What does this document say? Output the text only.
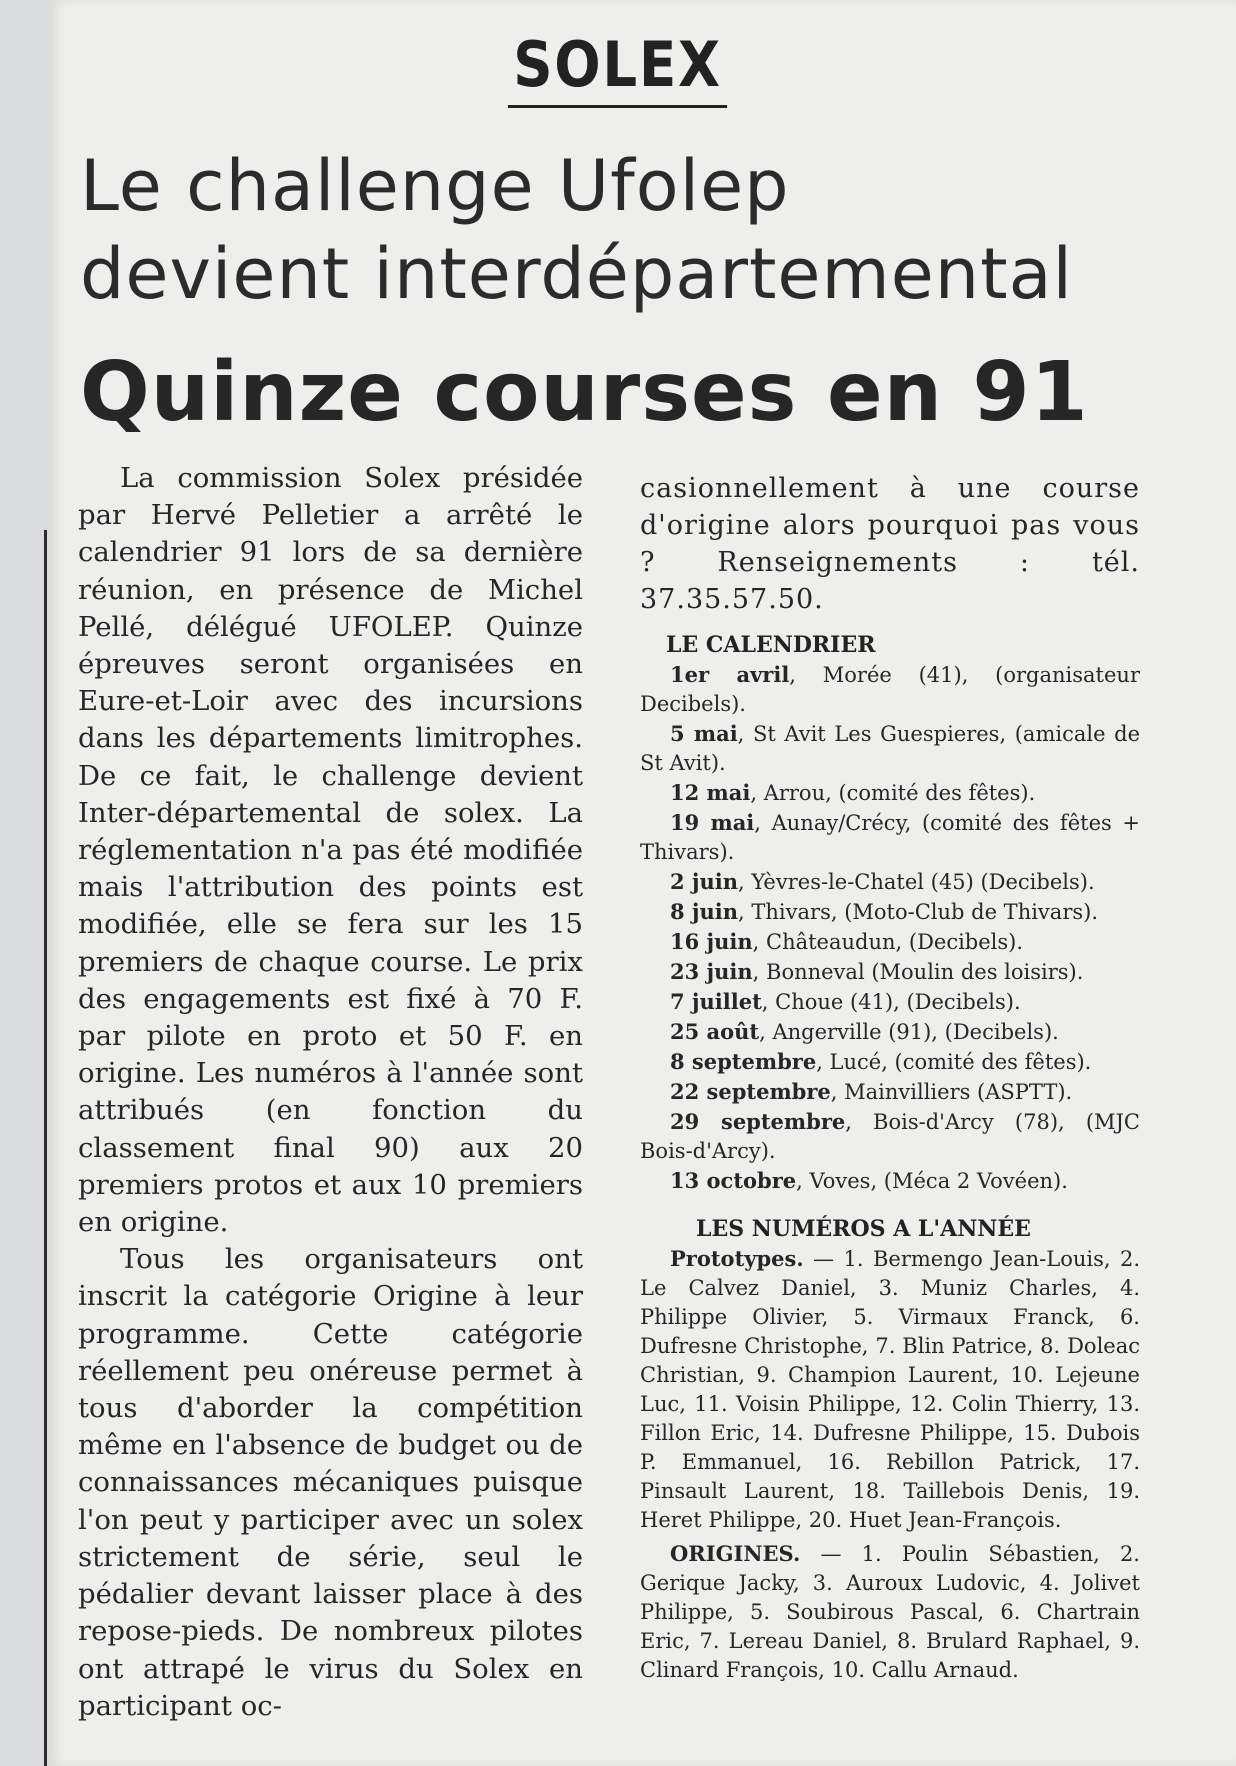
SOLEX
Le challenge Ufolep
devient interdépartemental
Quinze courses en 91

La commission Solex présidée par Hervé Pelletier a arrêté le calendrier 91 lors de sa dernière réunion, en présence de Michel Pellé, délégué UFOLEP. Quinze épreuves seront organisées en Eure-et-Loir avec des incursions dans les départements limitrophes. De ce fait, le challenge devient Inter-départemental de solex. La réglementation n'a pas été modifiée mais l'attribution des points est modifiée, elle se fera sur les 15 premiers de chaque course. Le prix des engagements est fixé à 70 F. par pilote en proto et 50 F. en origine. Les numéros à l'année sont attribués (en fonction du classement final 90) aux 20 premiers protos et aux 10 premiers en origine.

Tous les organisateurs ont inscrit la catégorie Origine à leur programme. Cette catégorie réellement peu onéreuse permet à tous d'aborder la compétition même en l'absence de budget ou de connaissances mécaniques puisque l'on peut y participer avec un solex strictement de série, seul le pédalier devant laisser place à des repose-pieds. De nombreux pilotes ont attrapé le virus du Solex en participant oc-

casionnellement à une course d'origine alors pourquoi pas vous ? Renseignements : tél. 37.35.57.50.
LE CALENDRIER
1er avril, Morée (41), (organisateur Decibels).
5 mai, St Avit Les Guespieres, (amicale de St Avit).
12 mai, Arrou, (comité des fêtes).
19 mai, Aunay/Crécy, (comité des fêtes + Thivars).
2 juin, Yèvres-le-Chatel (45) (Decibels).
8 juin, Thivars, (Moto-Club de Thivars).
16 juin, Châteaudun, (Decibels).
23 juin, Bonneval (Moulin des loisirs).
7 juillet, Choue (41), (Decibels).
25 août, Angerville (91), (Decibels).
8 septembre, Lucé, (comité des fêtes).
22 septembre, Mainvilliers (ASPTT).
29 septembre, Bois-d'Arcy (78), (MJC Bois-d'Arcy).
13 octobre, Voves, (Méca 2 Vovéen).
LES NUMÉROS A L'ANNÉE
Prototypes. — 1. Bermengo Jean-Louis, 2. Le Calvez Daniel, 3. Muniz Charles, 4. Philippe Olivier, 5. Virmaux Franck, 6. Dufresne Christophe, 7. Blin Patrice, 8. Doleac Christian, 9. Champion Laurent, 10. Lejeune Luc, 11. Voisin Philippe, 12. Colin Thierry, 13. Fillon Eric, 14. Dufresne Philippe, 15. Dubois P. Emmanuel, 16. Rebillon Patrick, 17. Pinsault Laurent, 18. Taillebois Denis, 19. Heret Philippe, 20. Huet Jean-François.
ORIGINES. — 1. Poulin Sébastien, 2. Gerique Jacky, 3. Auroux Ludovic, 4. Jolivet Philippe, 5. Soubirous Pascal, 6. Chartrain Eric, 7. Lereau Daniel, 8. Brulard Raphael, 9. Clinard François, 10. Callu Arnaud.
